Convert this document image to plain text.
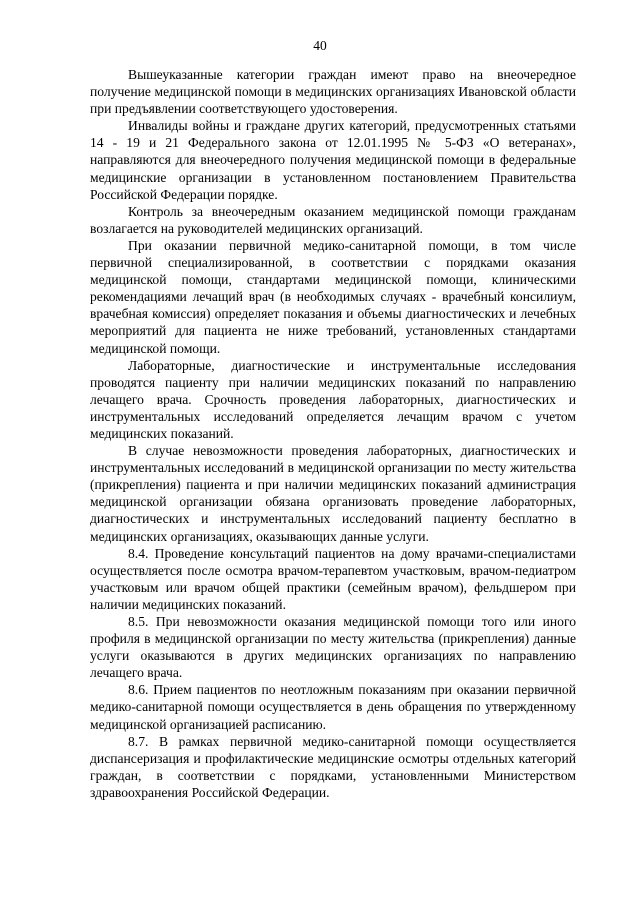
40

Вышеуказанные категории граждан имеют право на внеочередное получение медицинской помощи в медицинских организациях Ивановской области при предъявлении соответствующего удостоверения.

Инвалиды войны и граждане других категорий, предусмотренных статьями 14 - 19 и 21 Федерального закона от 12.01.1995 № 5-ФЗ «О ветеранах», направляются для внеочередного получения медицинской помощи в федеральные медицинские организации в установленном постановлением Правительства Российской Федерации порядке.

Контроль за внеочередным оказанием медицинской помощи гражданам возлагается на руководителей медицинских организаций.

При оказании первичной медико-санитарной помощи, в том числе первичной специализированной, в соответствии с порядками оказания медицинской помощи, стандартами медицинской помощи, клиническими рекомендациями лечащий врач (в необходимых случаях - врачебный консилиум, врачебная комиссия) определяет показания и объемы диагностических и лечебных мероприятий для пациента не ниже требований, установленных стандартами медицинской помощи.

Лабораторные, диагностические и инструментальные исследования проводятся пациенту при наличии медицинских показаний по направлению лечащего врача. Срочность проведения лабораторных, диагностических и инструментальных исследований определяется лечащим врачом с учетом медицинских показаний.

В случае невозможности проведения лабораторных, диагностических и инструментальных исследований в медицинской организации по месту жительства (прикрепления) пациента и при наличии медицинских показаний администрация медицинской организации обязана организовать проведение лабораторных, диагностических и инструментальных исследований пациенту бесплатно в медицинских организациях, оказывающих данные услуги.

8.4. Проведение консультаций пациентов на дому врачами-специалистами осуществляется после осмотра врачом-терапевтом участковым, врачом-педиатром участковым или врачом общей практики (семейным врачом), фельдшером при наличии медицинских показаний.

8.5. При невозможности оказания медицинской помощи того или иного профиля в медицинской организации по месту жительства (прикрепления) данные услуги оказываются в других медицинских организациях по направлению лечащего врача.

8.6. Прием пациентов по неотложным показаниям при оказании первичной медико-санитарной помощи осуществляется в день обращения по утвержденному медицинской организацией расписанию.

8.7. В рамках первичной медико-санитарной помощи осуществляется диспансеризация и профилактические медицинские осмотры отдельных категорий граждан, в соответствии с порядками, установленными Министерством здравоохранения Российской Федерации.
